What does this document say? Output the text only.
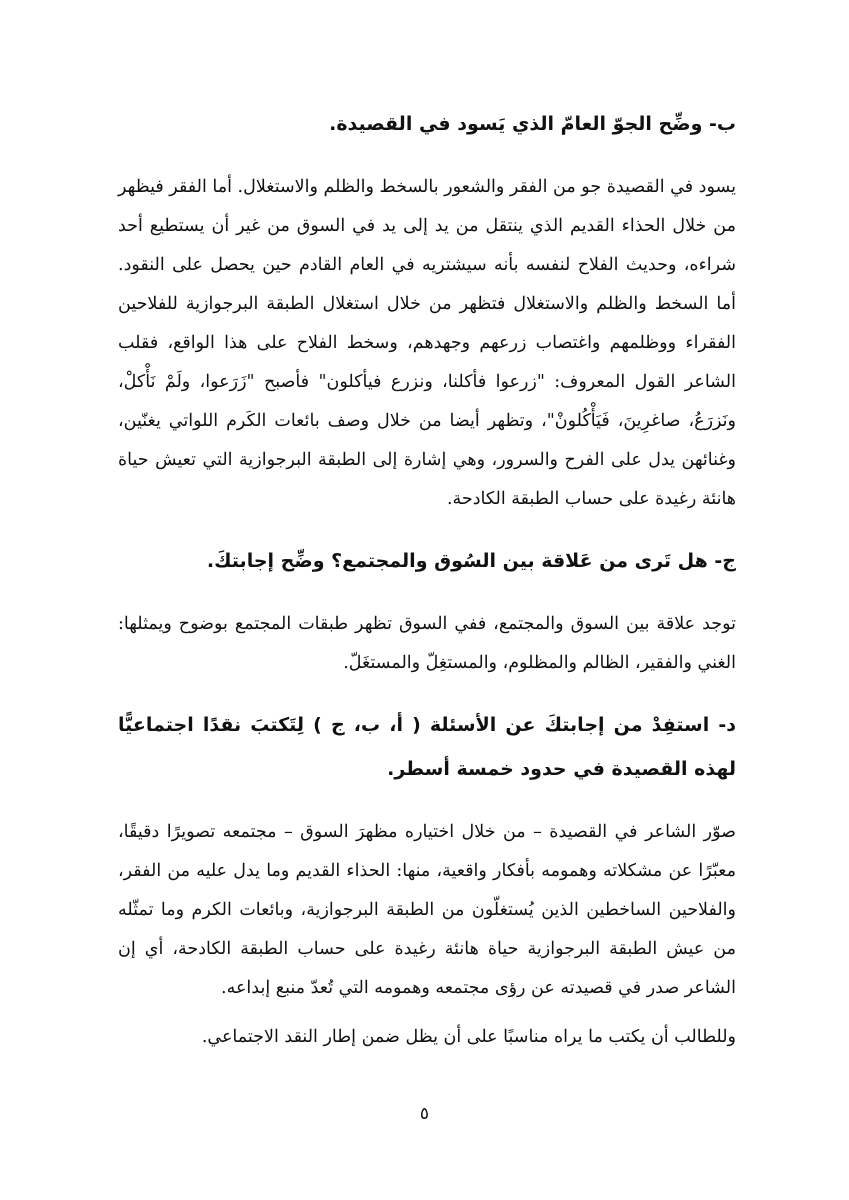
ب- وضِّح الجوّ العامّ الذي يَسود في القصيدة.

يسود في القصيدة جو من الفقر والشعور بالسخط والظلم والاستغلال. أما الفقر فيظهر من خلال الحذاء القديم الذي ينتقل من يد إلى يد في السوق من غير أن يستطيع أحد شراءه، وحديث الفلاح لنفسه بأنه سيشتريه في العام القادم حين يحصل على النقود. أما السخط والظلم والاستغلال فتظهر من خلال استغلال الطبقة البرجوازية للفلاحين الفقراء ووظلمهم واغتصاب زرعهم وجهدهم، وسخط الفلاح على هذا الواقع، فقلب الشاعر القول المعروف: "زرعوا فأكلنا، ونزرع فيأكلون" فأصبح "زَرَعوا، ولَمْ نَأْكلْ، ونَزرَعُ، صاغرِينَ، فَيَأْكُلونْ"، وتظهر أيضا من خلال وصف بائعات الكَرم اللواتي يغنّين، وغنائهن يدل على الفرح والسرور، وهي إشارة إلى الطبقة البرجوازية التي تعيش حياة هانئة رغيدة على حساب الطبقة الكادحة.

ج- هل تَرى من عَلاقة بين السُوق والمجتمع؟ وضِّح إجابتكَ.

توجد علاقة بين السوق والمجتمع، ففي السوق تظهر طبقات المجتمع بوضوح ويمثلها: الغني والفقير، الظالم والمظلوم، والمستغِلّ والمستغَلّ.

د- استفِدْ من إجابتكَ عن الأسئلة ( أ، ب، ج ) لِتَكتبَ نقدًا اجتماعيًّا لهذه القصيدة في حدود خمسة أسطر.

صوّر الشاعر في القصيدة – من خلال اختياره مظهرَ السوق – مجتمعه تصويرًا دقيقًا، معبّرًا عن مشكلاته وهمومه بأفكار واقعية، منها: الحذاء القديم وما يدل عليه من الفقر، والفلاحين الساخطين الذين يُستغلّون من الطبقة البرجوازية، وبائعات الكرم وما تمثّله من عيش الطبقة البرجوازية حياة هانئة رغيدة على حساب الطبقة الكادحة، أي إن الشاعر صدر في قصيدته عن رؤى مجتمعه وهمومه التي تُعدّ منبع إبداعه.

وللطالب أن يكتب ما يراه مناسبًا على أن يظل ضمن إطار النقد الاجتماعي.

٥
